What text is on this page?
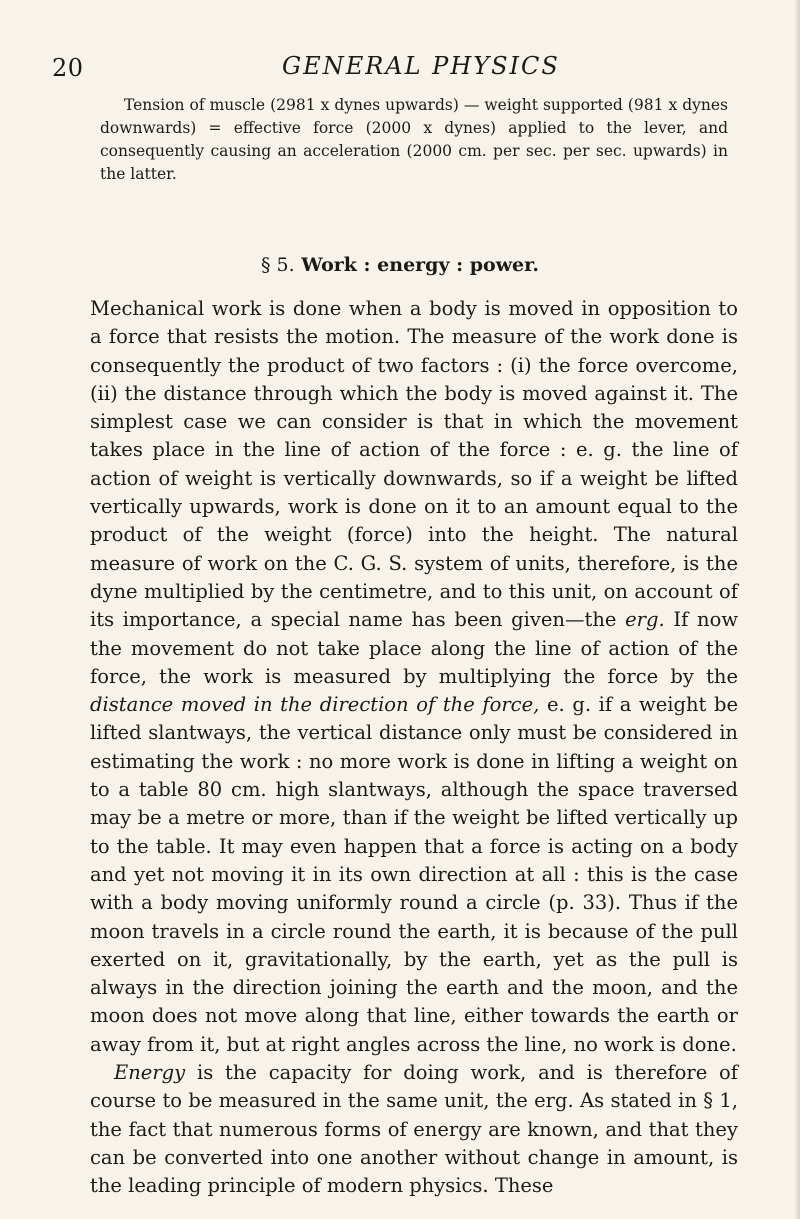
20	GENERAL PHYSICS

Tension of muscle (2981 x dynes upwards) — weight supported (981 x dynes downwards) = effective force (2000 x dynes) applied to the lever, and consequently causing an acceleration (2000 cm. per sec. per sec. upwards) in the latter.

§ 5. Work : energy : power.

Mechanical work is done when a body is moved in opposition to a force that resists the motion. The measure of the work done is consequently the product of two factors : (i) the force overcome, (ii) the distance through which the body is moved against it. The simplest case we can consider is that in which the movement takes place in the line of action of the force : e. g. the line of action of weight is vertically downwards, so if a weight be lifted vertically upwards, work is done on it to an amount equal to the product of the weight (force) into the height. The natural measure of work on the C. G. S. system of units, therefore, is the dyne multiplied by the centimetre, and to this unit, on account of its importance, a special name has been given—the erg. If now the movement do not take place along the line of action of the force, the work is measured by multiplying the force by the distance moved in the direction of the force, e. g. if a weight be lifted slantways, the vertical distance only must be considered in estimating the work : no more work is done in lifting a weight on to a table 80 cm. high slantways, although the space traversed may be a metre or more, than if the weight be lifted vertically up to the table. It may even happen that a force is acting on a body and yet not moving it in its own direction at all : this is the case with a body moving uniformly round a circle (p. 33). Thus if the moon travels in a circle round the earth, it is because of the pull exerted on it, gravitationally, by the earth, yet as the pull is always in the direction joining the earth and the moon, and the moon does not move along that line, either towards the earth or away from it, but at right angles across the line, no work is done.

Energy is the capacity for doing work, and is therefore of course to be measured in the same unit, the erg. As stated in § 1, the fact that numerous forms of energy are known, and that they can be converted into one another without change in amount, is the leading principle of modern physics. These
